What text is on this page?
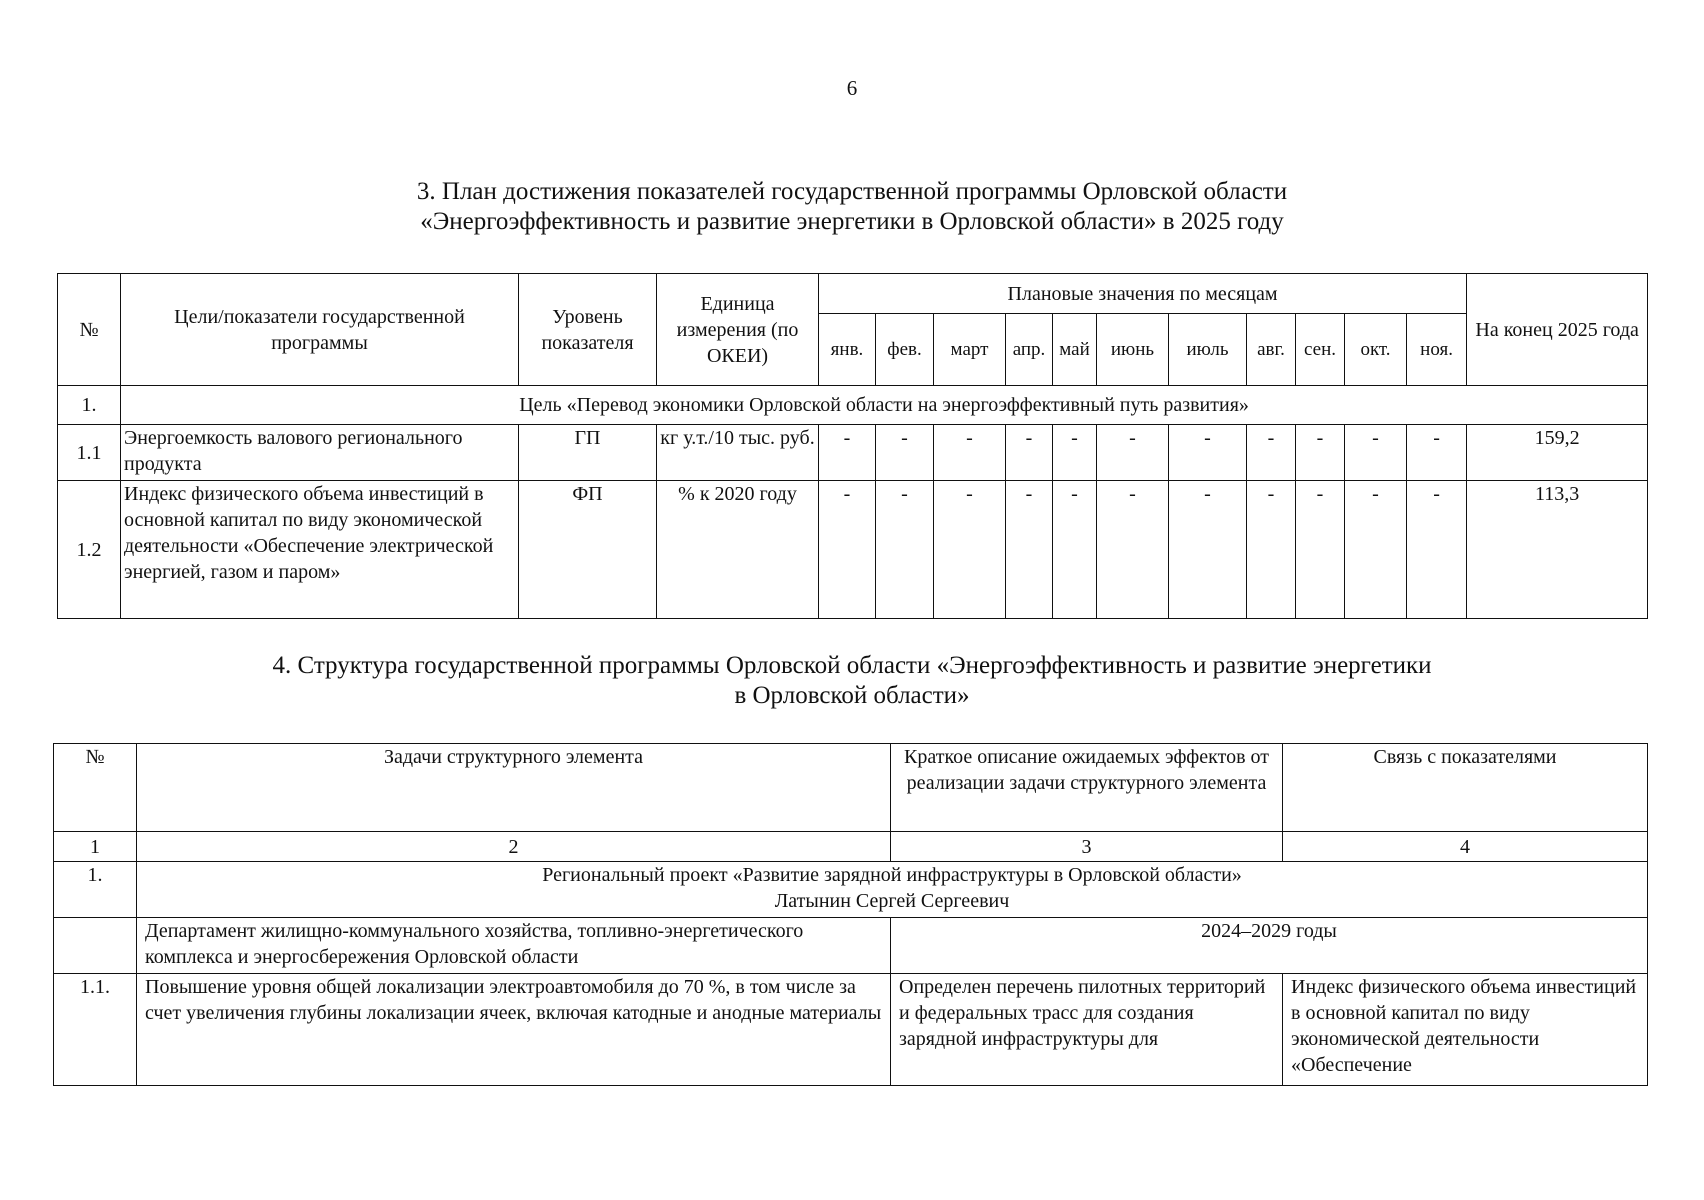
6
3. План достижения показателей государственной программы Орловской области
«Энергоэффективность и развитие энергетики в Орловской области» в 2025 году
№	Цели/показатели государственной программы	Уровень показателя	Единица измерения (по ОКЕИ)	Плановые значения по месяцам											На конец 2025 года
				янв.	фев.	март	апр.	май	июнь	июль	авг.	сен.	окт.	ноя.	
1.	Цель «Перевод экономики Орловской области на энергоэффективный путь развития»														
1.1	Энергоемкость валового регионального продукта	ГП	кг у.т./10 тыс. руб.	-	-	-	-	-	-	-	-	-	-	-	159,2
1.2	Индекс физического объема инвестиций в основной капитал по виду экономической деятельности «Обеспечение электрической энергией, газом и паром»	ФП	% к 2020 году	-	-	-	-	-	-	-	-	-	-	-	113,3
4. Структура государственной программы Орловской области «Энергоэффективность и развитие энергетики
в Орловской области»
№	Задачи структурного элемента	Краткое описание ожидаемых эффектов от реализации задачи структурного элемента	Связь с показателями
1	2	3	4
1.	Региональный проект «Развитие зарядной инфраструктуры в Орловской области»
Латынин Сергей Сергеевич		

	Департамент жилищно-коммунального хозяйства, топливно-энергетического комплекса и энергосбережения Орловской области	2024–2029 годы	
1.1.	Повышение уровня общей локализации электроавтомобиля до 70 %, в том числе за счет увеличения глубины локализации ячеек, включая катодные и анодные материалы	Определен перечень пилотных территорий и федеральных трасс для создания зарядной инфраструктуры для	Индекс физического объема инвестиций в основной капитал по виду экономической деятельности «Обеспечение
